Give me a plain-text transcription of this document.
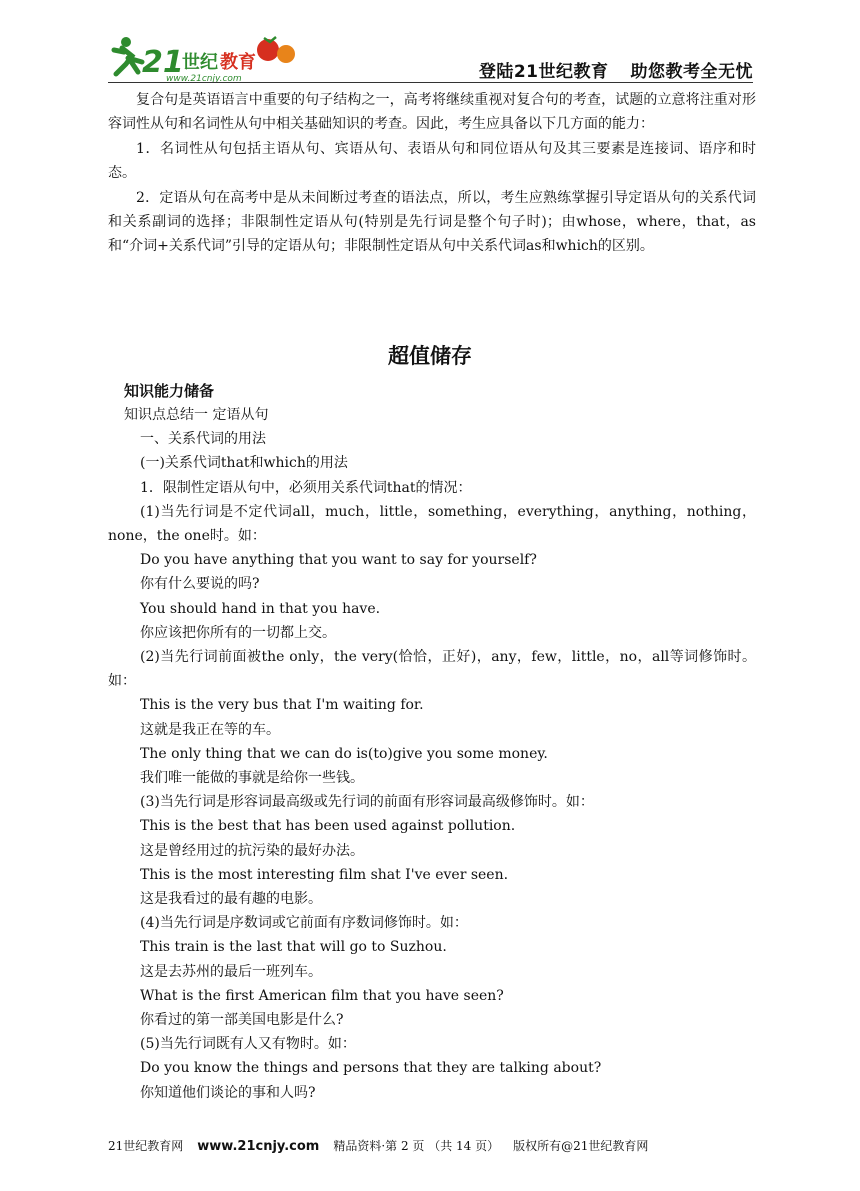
21
世纪 教育
www.21cnjy.com	登陆21世纪教育 助您教考全无忧

复合句是英语语言中重要的句子结构之一，高考将继续重视对复合句的考查，试题的立意将注重对形容词性从句和名词性从句中相关基础知识的考查。因此，考生应具备以下几方面的能力：

1．名词性从句包括主语从句、宾语从句、表语从句和同位语从句及其三要素是连接词、语序和时态。

2．定语从句在高考中是从未间断过考查的语法点，所以，考生应熟练掌握引导定语从句的关系代词和关系副词的选择；非限制性定语从句(特别是先行词是整个句子时)；由whose，where，that，as和“介词+关系代词”引导的定语从句；非限制性定语从句中关系代词as和which的区别。

超值储存

知识能力储备

知识点总结一 定语从句

一、关系代词的用法

(一)关系代词that和which的用法

1．限制性定语从句中，必须用关系代词that的情况：

(1)当先行词是不定代词all，much，little，something，everything，anything，nothing，none，the one时。如：

Do you have anything that you want to say for yourself?

你有什么要说的吗?

You should hand in that you have.

你应该把你所有的一切都上交。

(2)当先行词前面被the only，the very(恰恰，正好)，any，few，little，no，all等词修饰时。如：

This is the very bus that I'm waiting for.

这就是我正在等的车。

The only thing that we can do is(to)give you some money.

我们唯一能做的事就是给你一些钱。

(3)当先行词是形容词最高级或先行词的前面有形容词最高级修饰时。如：

This is the best that has been used against pollution.

这是曾经用过的抗污染的最好办法。

This is the most interesting film shat I've ever seen.

这是我看过的最有趣的电影。

(4)当先行词是序数词或它前面有序数词修饰时。如：

This train is the last that will go to Suzhou.

这是去苏州的最后一班列车。

What is the first American film that you have seen?

你看过的第一部美国电影是什么?

(5)当先行词既有人又有物时。如：

Do you know the things and persons that they are talking about?

你知道他们谈论的事和人吗?

21世纪教育网 www.21cnjy.com 精品资料·第 2 页 （共 14 页） 版权所有@21世纪教育网
